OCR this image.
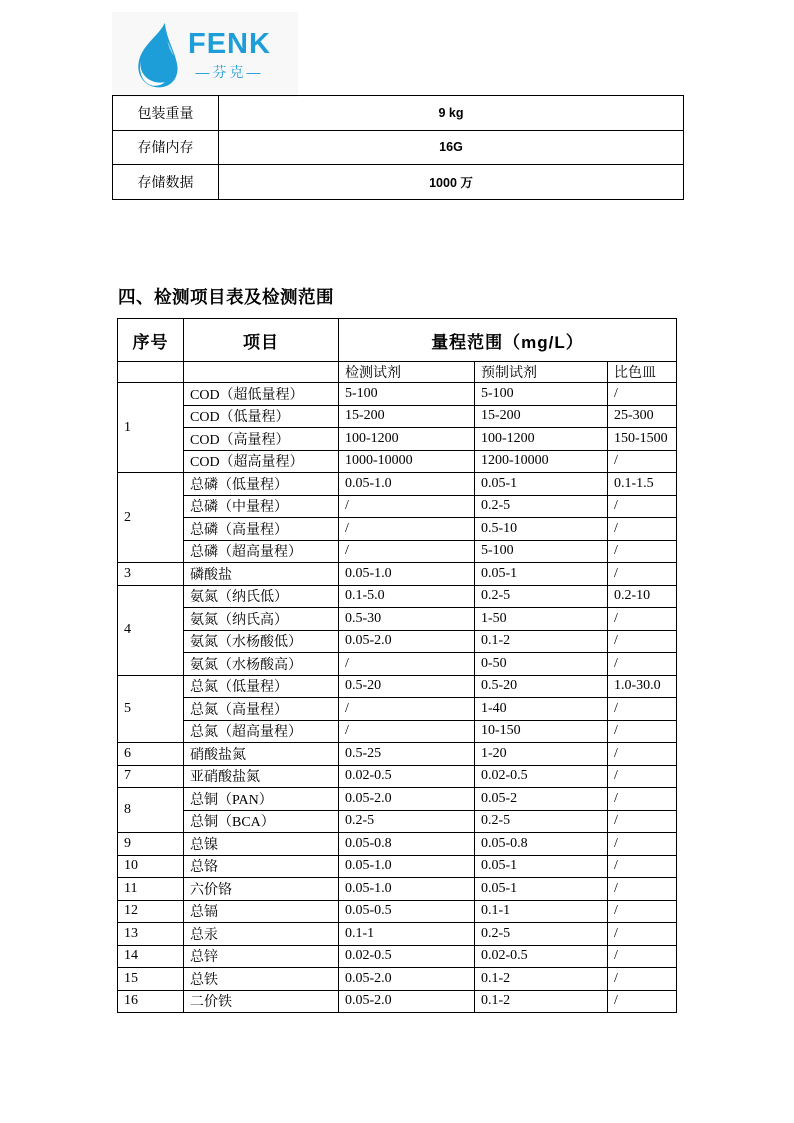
FENK
—芬克—
包装重量	9 kg
存储内存	16G
存储数据	1000 万
四、检测项目表及检测范围
序号	项目	量程范围（mg/L）		
		检测试剂	预制试剂	比色皿
1	COD（超低量程）	5-100	5-100	/
	COD（低量程）	15-200	15-200	25-300
	COD（高量程）	100-1200	100-1200	150-1500
	COD（超高量程）	1000-10000	1200-10000	/
2	总磷（低量程）	0.05-1.0	0.05-1	0.1-1.5
	总磷（中量程）	/	0.2-5	/
	总磷（高量程）	/	0.5-10	/
	总磷（超高量程）	/	5-100	/
3	磷酸盐	0.05-1.0	0.05-1	/
4	氨氮（纳氏低）	0.1-5.0	0.2-5	0.2-10
	氨氮（纳氏高）	0.5-30	1-50	/
	氨氮（水杨酸低）	0.05-2.0	0.1-2	/
	氨氮（水杨酸高）	/	0-50	/
5	总氮（低量程）	0.5-20	0.5-20	1.0-30.0
	总氮（高量程）	/	1-40	/
	总氮（超高量程）	/	10-150	/
6	硝酸盐氮	0.5-25	1-20	/
7	亚硝酸盐氮	0.02-0.5	0.02-0.5	/
8	总铜（PAN）	0.05-2.0	0.05-2	/
	总铜（BCA）	0.2-5	0.2-5	/
9	总镍	0.05-0.8	0.05-0.8	/
10	总铬	0.05-1.0	0.05-1	/
11	六价铬	0.05-1.0	0.05-1	/
12	总镉	0.05-0.5	0.1-1	/
13	总汞	0.1-1	0.2-5	/
14	总锌	0.02-0.5	0.02-0.5	/
15	总铁	0.05-2.0	0.1-2	/
16	二价铁	0.05-2.0	0.1-2	/
